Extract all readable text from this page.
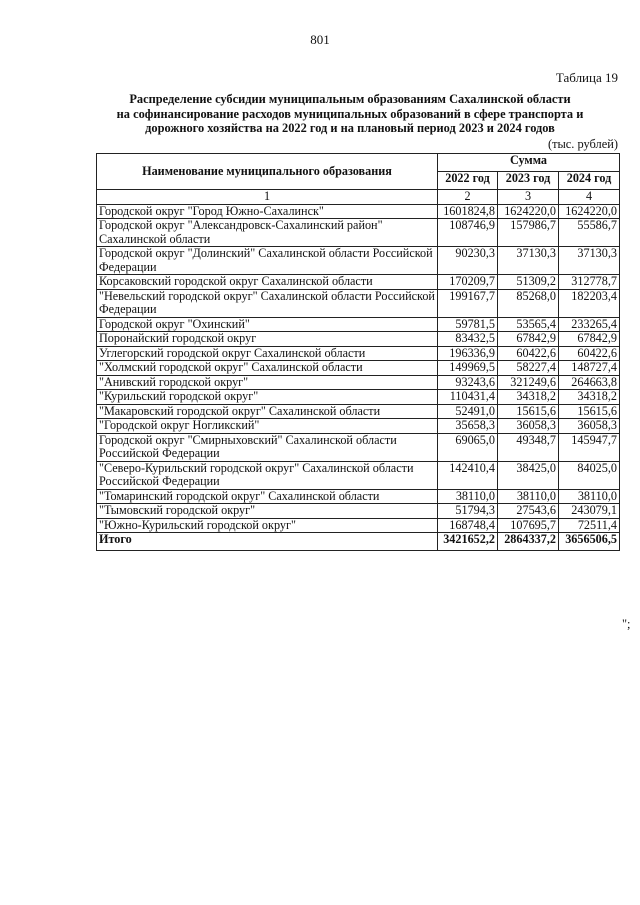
801
Таблица 19
Распределение субсидии муниципальным образованиям Сахалинской области
на софинансирование расходов муниципальных образований в сфере транспорта и
дорожного хозяйства на 2022 год и на плановый период 2023 и 2024 годов
(тыс. рублей)
Наименование муниципального образования	Сумма		
	2022 год	2023 год	2024 год
1	2	3	4
Городской округ "Город Южно-Сахалинск"	1601824,8	1624220,0	1624220,0
Городской округ "Александровск-Сахалинский район" Сахалинской области	108746,9	157986,7	55586,7
Городской округ "Долинский" Сахалинской области Российской Федерации	90230,3	37130,3	37130,3
Корсаковский городской округ Сахалинской области	170209,7	51309,2	312778,7
"Невельский городской округ" Сахалинской области Российской Федерации	199167,7	85268,0	182203,4
Городской округ "Охинский"	59781,5	53565,4	233265,4
Поронайский городской округ	83432,5	67842,9	67842,9
Углегорский городской округ Сахалинской области	196336,9	60422,6	60422,6
"Холмский городской округ" Сахалинской области	149969,5	58227,4	148727,4
"Анивский городской округ"	93243,6	321249,6	264663,8
"Курильский городской округ"	110431,4	34318,2	34318,2
"Макаровский городской округ" Сахалинской области	52491,0	15615,6	15615,6
"Городской округ Ногликский"	35658,3	36058,3	36058,3
Городской округ "Смирныховский" Сахалинской области Российской Федерации	69065,0	49348,7	145947,7
"Северо-Курильский городской округ" Сахалинской области Российской Федерации	142410,4	38425,0	84025,0
"Томаринский городской округ" Сахалинской области	38110,0	38110,0	38110,0
"Тымовский городской округ"	51794,3	27543,6	243079,1
"Южно-Курильский городской округ"	168748,4	107695,7	72511,4
Итого	3421652,2	2864337,2	3656506,5
";
